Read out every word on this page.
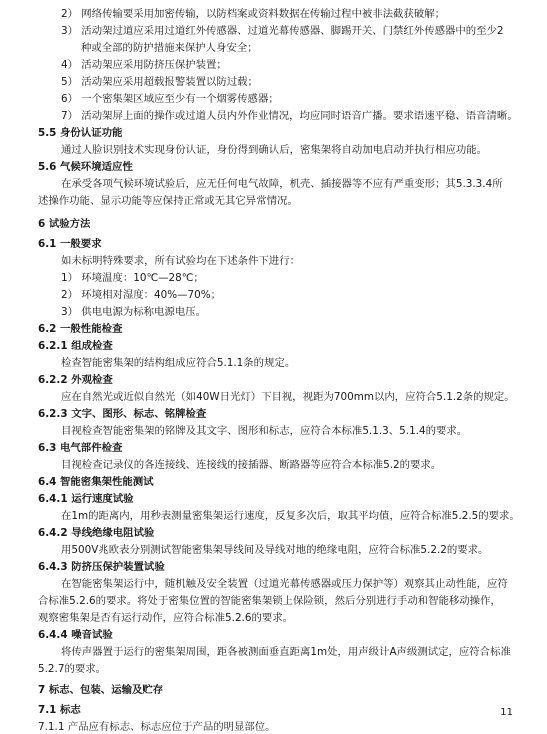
2） 网络传输要采用加密传输，以防档案或资料数据在传输过程中被非法截获破解；
3） 活动架过道应采用过道红外传感器、过道光幕传感器、脚踢开关、门禁红外传感器中的至少2
种或全部的防护措施来保护人身安全；
4） 活动架应采用防挤压保护装置；
5） 活动架应采用超载报警装置以防过载；
6） 一个密集架区域应至少有一个烟雾传感器；
7） 活动架屏上面的操作或过道人员内外作业情况，均应同时语音广播。要求语速平稳、语音清晰。
5.5 身份认证功能
通过人脸识别技术实现身份认证，身份得到确认后，密集架将自动加电启动并执行相应功能。
5.6 气候环境适应性
在承受各项气候环境试验后，应无任何电气故障，机壳、插接器等不应有严重变形；其5.3.3.4所
述操作功能、显示功能等应保持正常或无其它异常情况。
6 试验方法
6.1 一般要求
如未标明特殊要求，所有试验均在下述条件下进行：
1） 环境温度：10℃—28℃；
2） 环境相对湿度：40%—70%；
3） 供电电源为标称电源电压。
6.2 一般性能检查
6.2.1 组成检查
检查智能密集架的结构组成应符合5.1.1条的规定。
6.2.2 外观检查
应在自然光或近似自然光（如40W日光灯）下目视，视距为700mm以内，应符合5.1.2条的规定。
6.2.3 文字、图形、标志、铭牌检查
目视检查智能密集架的铭牌及其文字、图形和标志，应符合本标准5.1.3、5.1.4的要求。
6.3 电气部件检查
目视检查记录仪的各连接线、连接线的接插器、断路器等应符合本标准5.2的要求。
6.4 智能密集架性能测试
6.4.1 运行速度试验
在1m的距离内，用秒表测量密集架运行速度，反复多次后，取其平均值，应符合标准5.2.5的要求。
6.4.2 导线绝缘电阻试验
用500V兆欧表分别测试智能密集架导线间及导线对地的绝缘电阻，应符合标准5.2.2的要求。
6.4.3 防挤压保护装置试验
在智能密集架运行中，随机触及安全装置（过道光幕传感器或压力保护等）观察其止动性能，应符
合标准5.2.6的要求。将处于密集位置的智能密集架锁上保险锁，然后分别进行手动和智能移动操作，
观察密集架是否有运行动作，应符合标准5.2.6的要求。
6.4.4 噪音试验
将传声器置于运行的密集架周围，距各被测面垂直距离1m处，用声级计A声级测试定，应符合标准
5.2.7的要求。
7 标志、包装、运输及贮存
7.1 标志
7.1.1 产品应有标志、标志应位于产品的明显部位。
11
